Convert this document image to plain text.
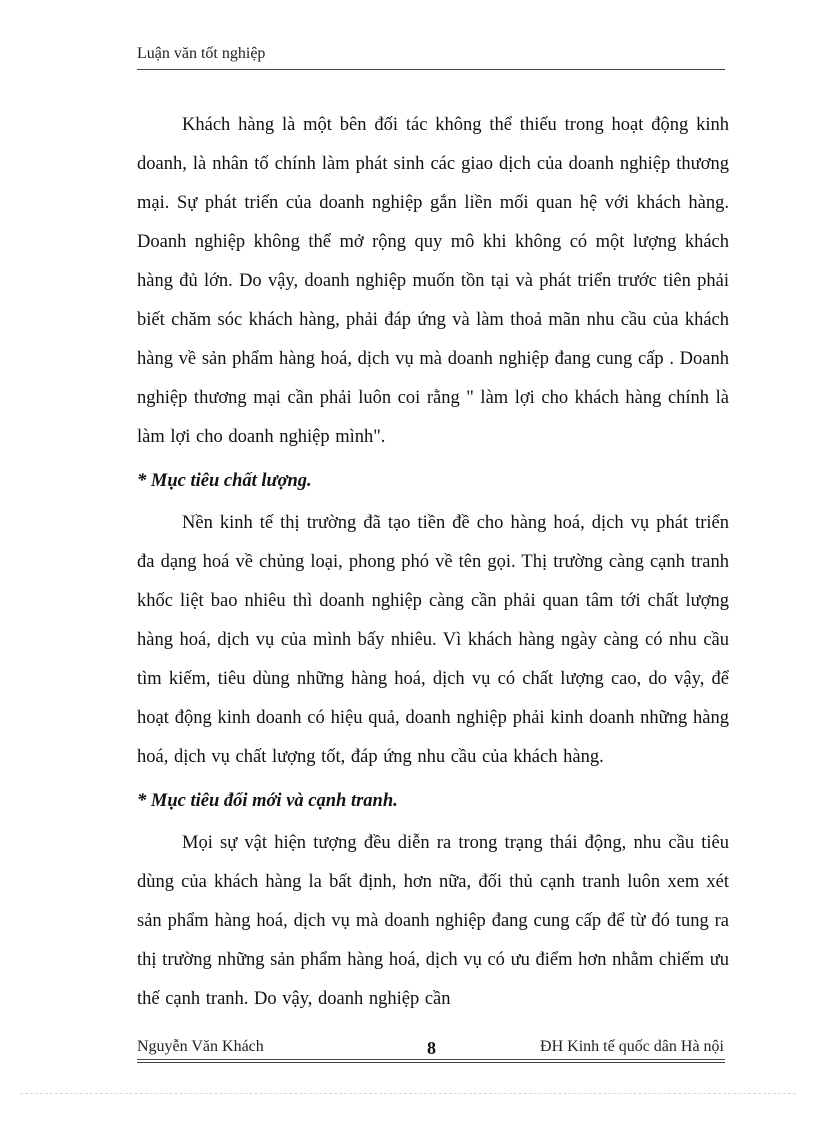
Luận văn tốt nghiệp

Khách hàng là một bên đối tác không thể thiếu trong hoạt động kinh doanh, là nhân tố chính làm phát sinh các giao dịch của doanh nghiệp thương mại. Sự phát triển của doanh nghiệp gắn liền mối quan hệ với khách hàng. Doanh nghiệp không thể mở rộng quy mô khi không có một lượng khách hàng đủ lớn. Do vậy, doanh nghiệp muốn tồn tại và phát triển trước tiên phải biết chăm sóc khách hàng, phải đáp ứng và làm thoả mãn nhu cầu của khách hàng về sản phẩm hàng hoá, dịch vụ mà doanh nghiệp đang cung cấp . Doanh nghiệp thương mại cần phải luôn coi rằng " làm lợi cho khách hàng chính là làm lợi cho doanh nghiệp mình".

* Mục tiêu chất lượng.

Nền kinh tế thị trường đã tạo tiền đề cho hàng hoá, dịch vụ phát triển đa dạng hoá về chủng loại, phong phó về tên gọi. Thị trường càng cạnh tranh khốc liệt bao nhiêu thì doanh nghiệp càng cần phải quan tâm tới chất lượng hàng hoá, dịch vụ của mình bấy nhiêu. Vì khách hàng ngày càng có nhu cầu tìm kiếm, tiêu dùng những hàng hoá, dịch vụ có chất lượng cao, do vậy, để hoạt động kinh doanh có hiệu quả, doanh nghiệp phải kinh doanh những hàng hoá, dịch vụ chất lượng tốt, đáp ứng nhu cầu của khách hàng.

* Mục tiêu đổi mới và cạnh tranh.

Mọi sự vật hiện tượng đều diễn ra trong trạng thái động, nhu cầu tiêu dùng của khách hàng la bất định, hơn nữa, đối thủ cạnh tranh luôn xem xét sản phẩm hàng hoá, dịch vụ mà doanh nghiệp đang cung cấp để từ đó tung ra thị trường những sản phẩm hàng hoá, dịch vụ có ưu điểm hơn nhằm chiếm ưu thế cạnh tranh. Do vậy, doanh nghiệp cần

Nguyễn Văn Khách	8	ĐH Kinh tế quốc dân Hà nội
